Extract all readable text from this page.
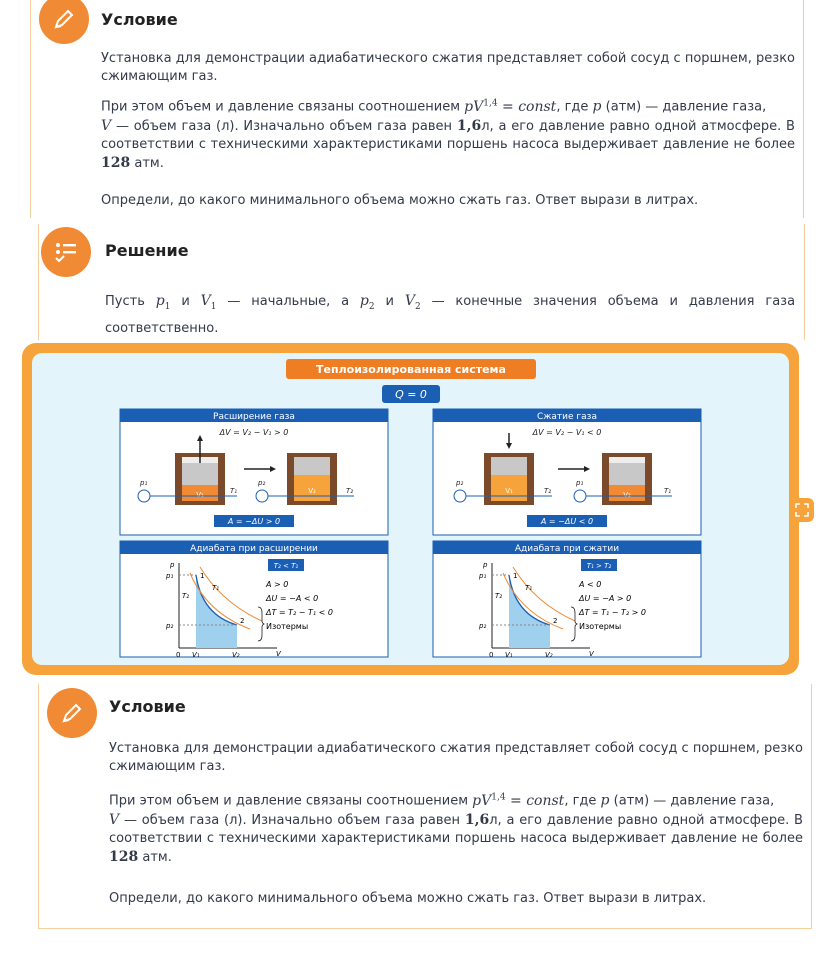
Условие
Установка для демонстрации адиабатического сжатия представляет собой сосуд с поршнем, резко сжимающим газ.
При этом объем и давление связаны соотношением pV$^{1,4}$ = const, где p (атм) — давление газа,
V — объем газа (л). Изначально объем газа равен 1,6л, а его давление равно одной атмосфере. В соответствии с техническими характеристиками поршень насоса выдерживает давление не более 128 атм.
Определи, до какого минимального объема можно сжать газ. Ответ вырази в литрах.
Решение
Пусть $p_1$ и $V_1$ — начальные, а $p_2$ и $V_2$ — конечные значения объема и давления газа соответственно.
Теплоизолированная система
Q = 0
Расширение газа
ΔV = V₂ − V₁ > 0
V₁
p₁
T₁	V₂
p₂
T₂
A = −ΔU > 0
Сжатие газа
ΔV = V₂ − V₁ < 0
V₁
p₂
T₂	V₂
p₁
T₁
A = −ΔU < 0
Адиабата при расширении
p
V
0
p₁
p₂
V₁	V₂
T₂
T₁
1
2
T₂ < T₁
A > 0
ΔU = −A < 0
ΔT = T₂ − T₁ < 0
Изотермы
Адиабата при сжатии
p
V
0
p₁
p₂
V₁	V₂
T₂
T₁
1
2
T₁ > T₂
A < 0
ΔU = −A > 0
ΔT = T₁ − T₂ > 0
Изотермы
Условие
Установка для демонстрации адиабатического сжатия представляет собой сосуд с поршнем, резко сжимающим газ.
При этом объем и давление связаны соотношением pV$^{1,4}$ = const, где p (атм) — давление газа,
V — объем газа (л). Изначально объем газа равен 1,6л, а его давление равно одной атмосфере. В соответствии с техническими характеристиками поршень насоса выдерживает давление не более 128 атм.
Определи, до какого минимального объема можно сжать газ. Ответ вырази в литрах.
